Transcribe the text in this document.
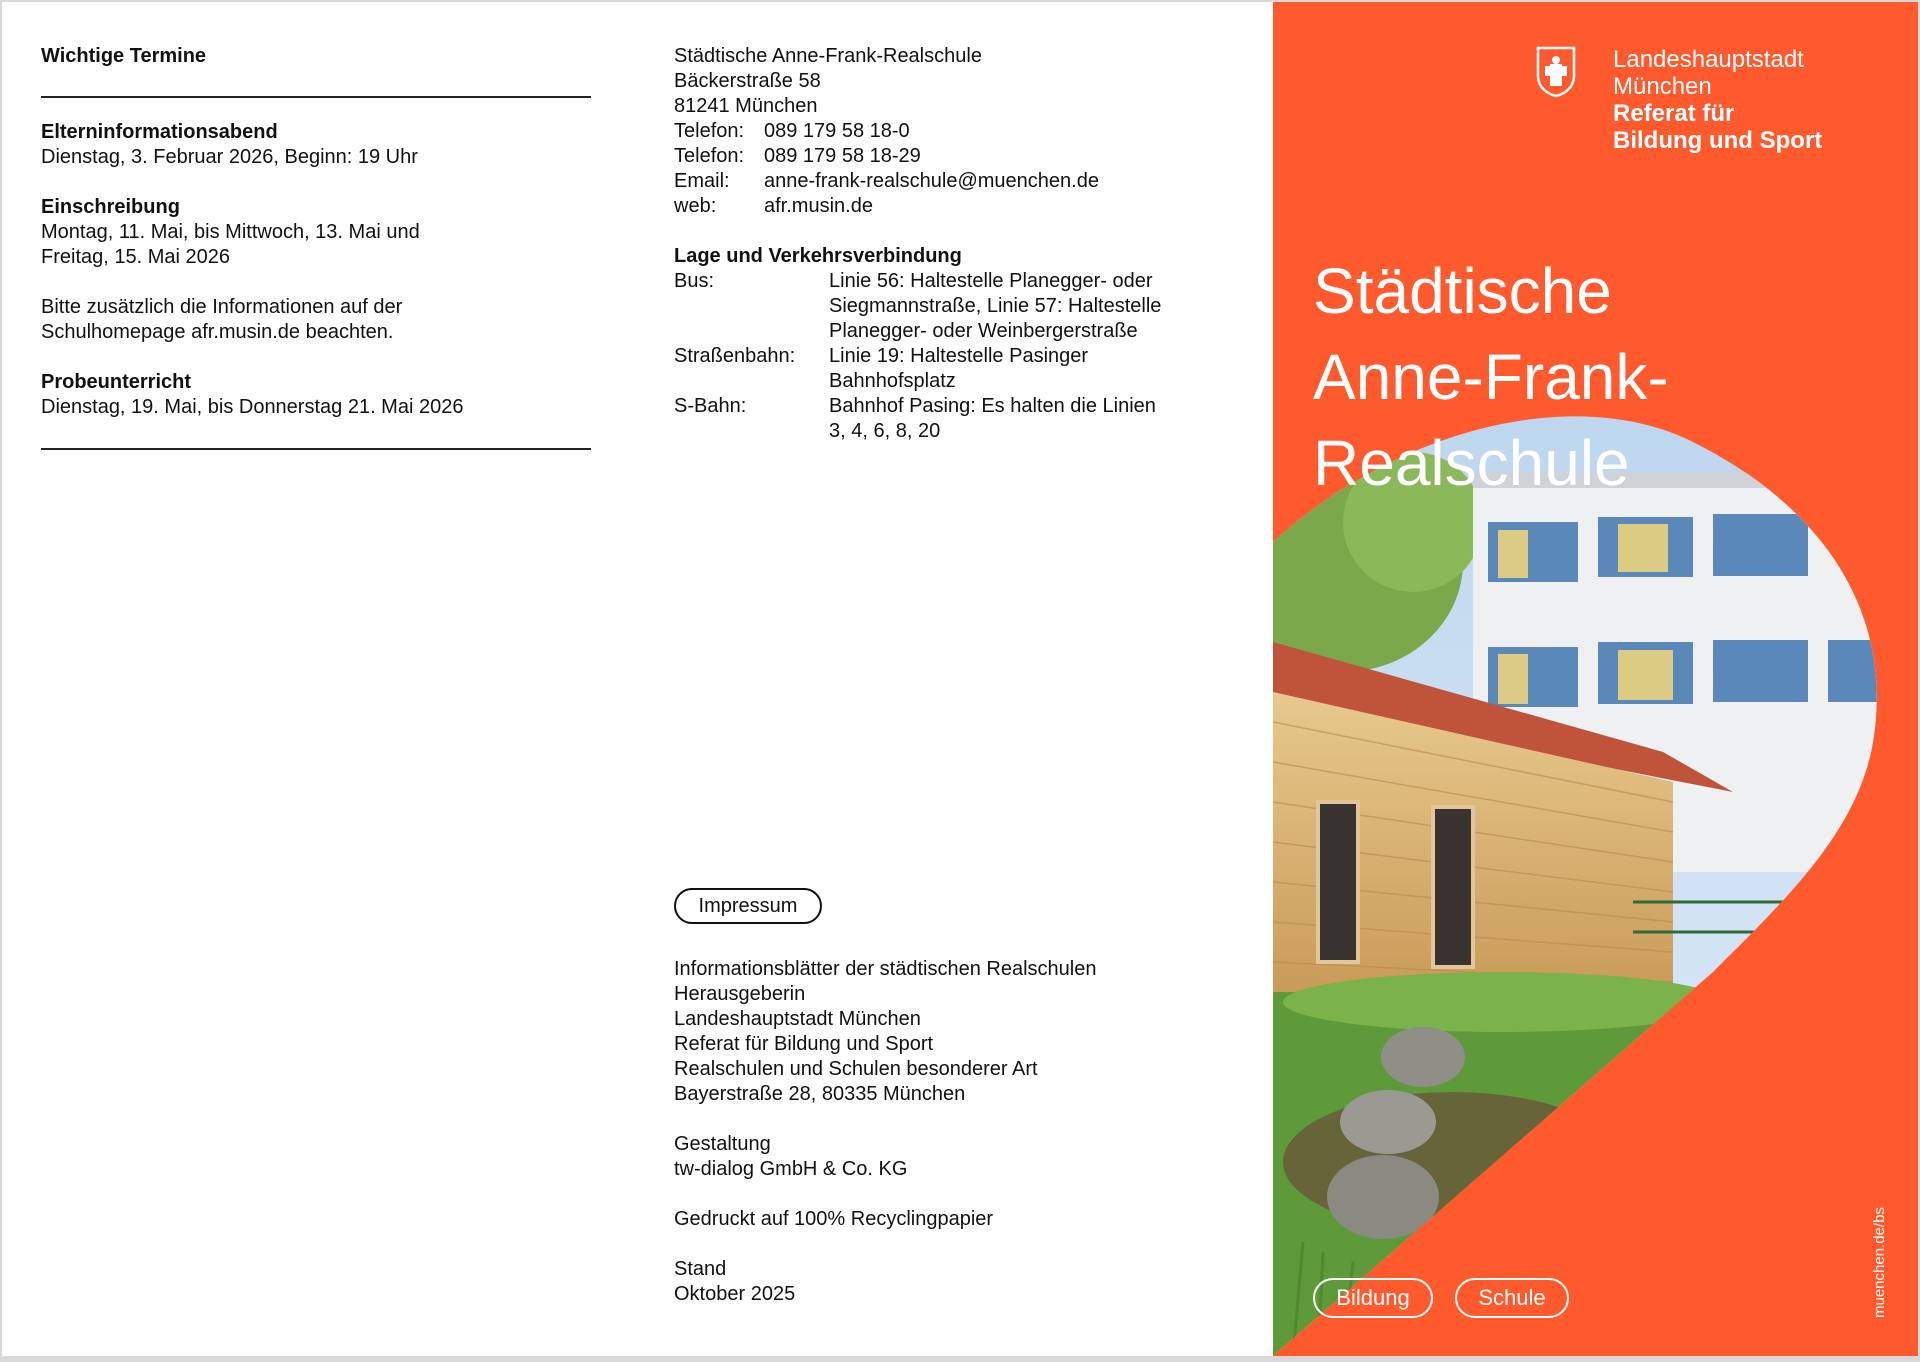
Wichtige Termine
Elterninformationsabend

Dienstag, 3. Februar 2026, Beginn: 19 Uhr

Einschreibung

Montag, 11. Mai, bis Mittwoch, 13. Mai und

Freitag, 15. Mai 2026

Bitte zusätzlich die Informationen auf der

Schulhomepage afr.musin.de beachten.

Probeunterricht

Dienstag, 19. Mai, bis Donnerstag 21. Mai 2026

Städtische Anne-Frank-Realschule

Bäckerstraße 58

81241 München

Telefon: 089 179 58 18-0
Telefon: 089 179 58 18-29
Email:	anne-frank-realschule@muenchen.de
web:	afr.musin.de

Lage und Verkehrsverbindung

Bus:	Linie 56: Haltestelle Planegger- oder
Siegmannstraße, Linie 57: Haltestelle
Planegger- oder Weinbergerstraße
Straßenbahn:	Linie 19: Haltestelle Pasinger
Bahnhofsplatz
S-Bahn:	Bahnhof Pasing: Es halten die Linien
3, 4, 6, 8, 20
Impressum

Informationsblätter der städtischen Realschulen

Herausgeberin

Landeshauptstadt München

Referat für Bildung und Sport

Realschulen und Schulen besonderer Art

Bayerstraße 28, 80335 München

Gestaltung

tw-dialog GmbH & Co. KG

Gedruckt auf 100% Recyclingpapier

Stand

Oktober 2025

Landeshauptstadt
München
Referat für
Bildung und Sport
Städtische
Anne-Frank-
Realschule
Bildung	Schule	muenchen.de/bs
